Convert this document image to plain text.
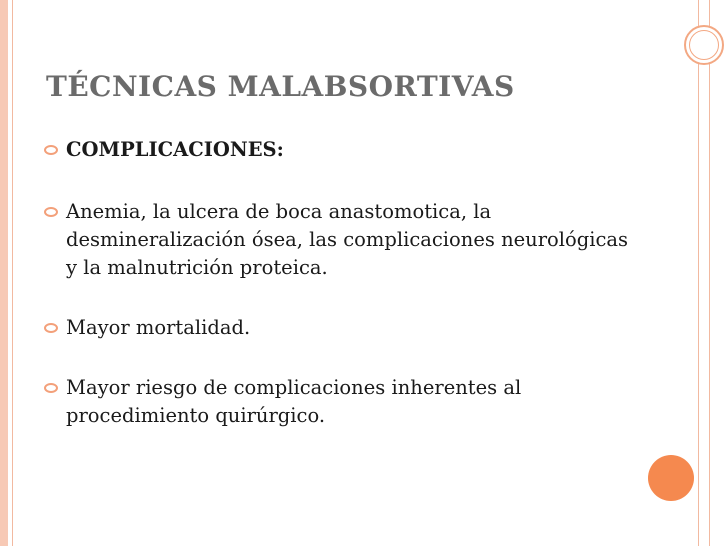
TÉCNICAS MALABSORTIVAS
COMPLICACIONES:
Anemia, la ulcera de boca anastomotica, la desmineralización ósea, las complicaciones neurológicas y la malnutrición proteica.
Mayor mortalidad.
Mayor riesgo de complicaciones inherentes al procedimiento quirúrgico.
